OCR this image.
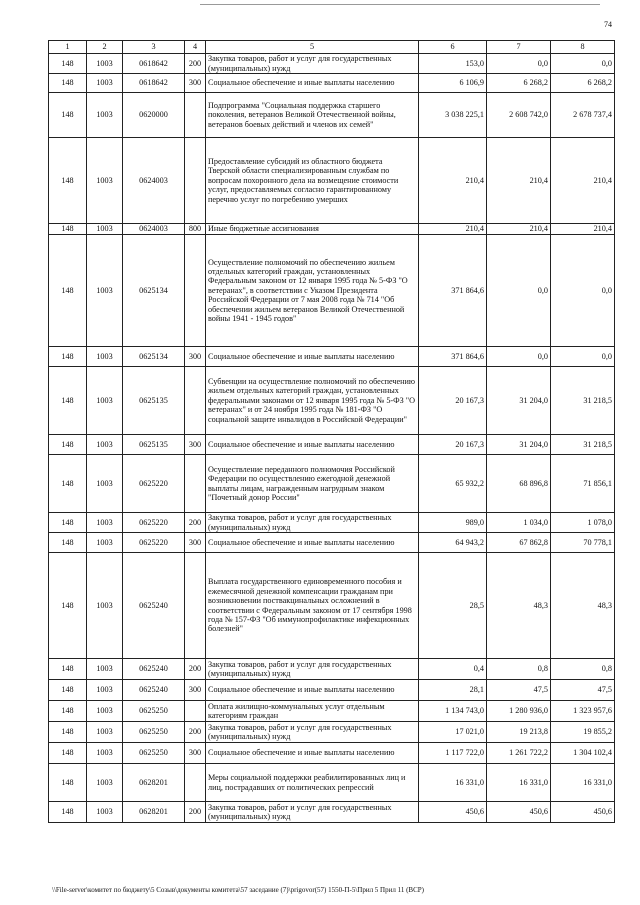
74
1	2	3	4	5	6	7	8
148	1003	0618642	200	Закупка товаров, работ и услуг для государственных (муниципальных) нужд	153,0	0,0	0,0
148	1003	0618642	300	Социальное обеспечение и иные выплаты населению	6 106,9	6 268,2	6 268,2
148	1003	0620000		Подпрограмма "Социальная поддержка старшего поколения, ветеранов Великой Отечественной войны, ветеранов боевых действий и членов их семей"	3 038 225,1	2 608 742,0	2 678 737,4
148	1003	0624003		Предоставление субсидий из областного бюджета Тверской области специализированным службам по вопросам похоронного дела на возмещение стоимости услуг, предоставляемых согласно гарантированному перечню услуг по погребению умерших	210,4	210,4	210,4
148	1003	0624003	800	Иные бюджетные ассигнования	210,4	210,4	210,4
148	1003	0625134		Осуществление полномочий по обеспечению жильем отдельных категорий граждан, установленных Федеральным законом от 12 января 1995 года № 5-ФЗ "О ветеранах", в соответствии с Указом Президента Российской Федерации от 7 мая 2008 года № 714 "Об обеспечении жильем ветеранов Великой Отечественной войны 1941 - 1945 годов"	371 864,6	0,0	0,0
148	1003	0625134	300	Социальное обеспечение и иные выплаты населению	371 864,6	0,0	0,0
148	1003	0625135		Субвенции на осуществление полномочий по обеспечению жильем отдельных категорий граждан, установленных федеральными законами от 12 января 1995 года № 5-ФЗ "О ветеранах" и от 24 ноября 1995 года № 181-ФЗ "О социальной защите инвалидов в Российской Федерации"	20 167,3	31 204,0	31 218,5
148	1003	0625135	300	Социальное обеспечение и иные выплаты населению	20 167,3	31 204,0	31 218,5
148	1003	0625220		Осуществление переданного полномочия Российской Федерации по осуществлению ежегодной денежной выплаты лицам, награжденным нагрудным знаком "Почетный донор России"	65 932,2	68 896,8	71 856,1
148	1003	0625220	200	Закупка товаров, работ и услуг для государственных (муниципальных) нужд	989,0	1 034,0	1 078,0
148	1003	0625220	300	Социальное обеспечение и иные выплаты населению	64 943,2	67 862,8	70 778,1
148	1003	0625240		Выплата государственного единовременного пособия и ежемесячной денежной компенсации гражданам при возникновении поствакцинальных осложнений в соответствии с Федеральным законом от 17 сентября 1998 года № 157-ФЗ "Об иммунопрофилактике инфекционных болезней"	28,5	48,3	48,3
148	1003	0625240	200	Закупка товаров, работ и услуг для государственных (муниципальных) нужд	0,4	0,8	0,8
148	1003	0625240	300	Социальное обеспечение и иные выплаты населению	28,1	47,5	47,5
148	1003	0625250		Оплата жилищно-коммунальных услуг отдельным категориям граждан	1 134 743,0	1 280 936,0	1 323 957,6
148	1003	0625250	200	Закупка товаров, работ и услуг для государственных (муниципальных) нужд	17 021,0	19 213,8	19 855,2
148	1003	0625250	300	Социальное обеспечение и иные выплаты населению	1 117 722,0	1 261 722,2	1 304 102,4
148	1003	0628201		Меры социальной поддержки реабилитированных лиц и лиц, пострадавших от политических репрессий	16 331,0	16 331,0	16 331,0
148	1003	0628201	200	Закупка товаров, работ и услуг для государственных (муниципальных) нужд	450,6	450,6	450,6
\\File-server\комитет по бюджету\5 Созыв\документы комитета\57 заседание (7)\prigovor(57) 1550-П-5\Прил 5 Прил 11 (ВСР)
